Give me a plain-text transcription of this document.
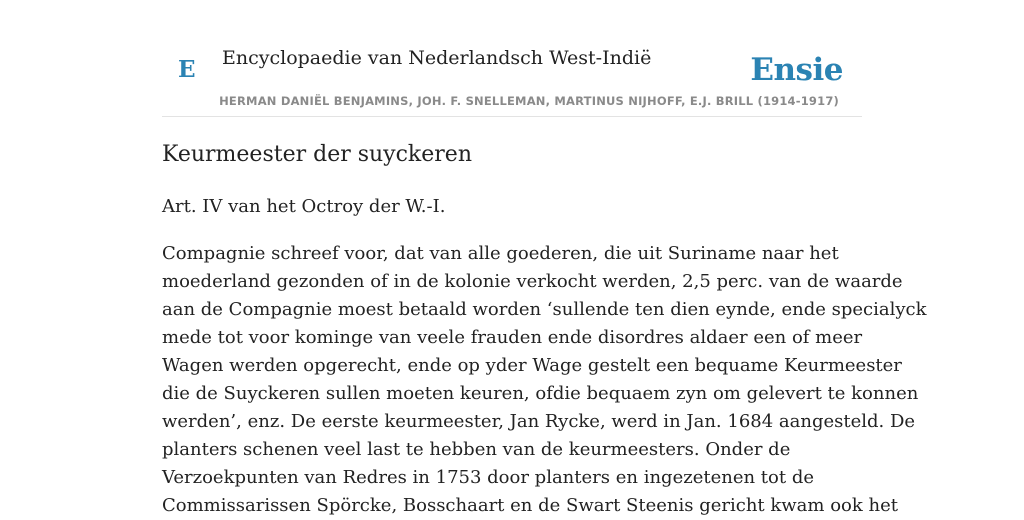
E Encyclopaedie van Nederlandsch West-Indië	Ensie
HERMAN DANIËL BENJAMINS, JOH. F. SNELLEMAN, MARTINUS NIJHOFF, E.J. BRILL (1914-1917)
Keurmeester der suyckeren

Art. IV van het Octroy der W.-I.

Compagnie schreef voor, dat van alle goederen, die uit Suriname naar het
moederland gezonden of in de kolonie verkocht werden, 2,5 perc. van de waarde
aan de Compagnie moest betaald worden ‘sullende ten dien eynde, ende specialyck
mede tot voor kominge van veele frauden ende disordres aldaer een of meer
Wagen werden opgerecht, ende op yder Wage gestelt een bequame Keurmeester
die de Suyckeren sullen moeten keuren, ofdie bequaem zyn om gelevert te konnen
werden’, enz. De eerste keurmeester, Jan Rycke, werd in Jan. 1684 aangesteld. De
planters schenen veel last te hebben van de keurmeesters. Onder de
Verzoekpunten van Redres in 1753 door planters en ingezetenen tot de
Commissarissen Spörcke, Bosschaart en de Swart Steenis gericht kwam ook het
